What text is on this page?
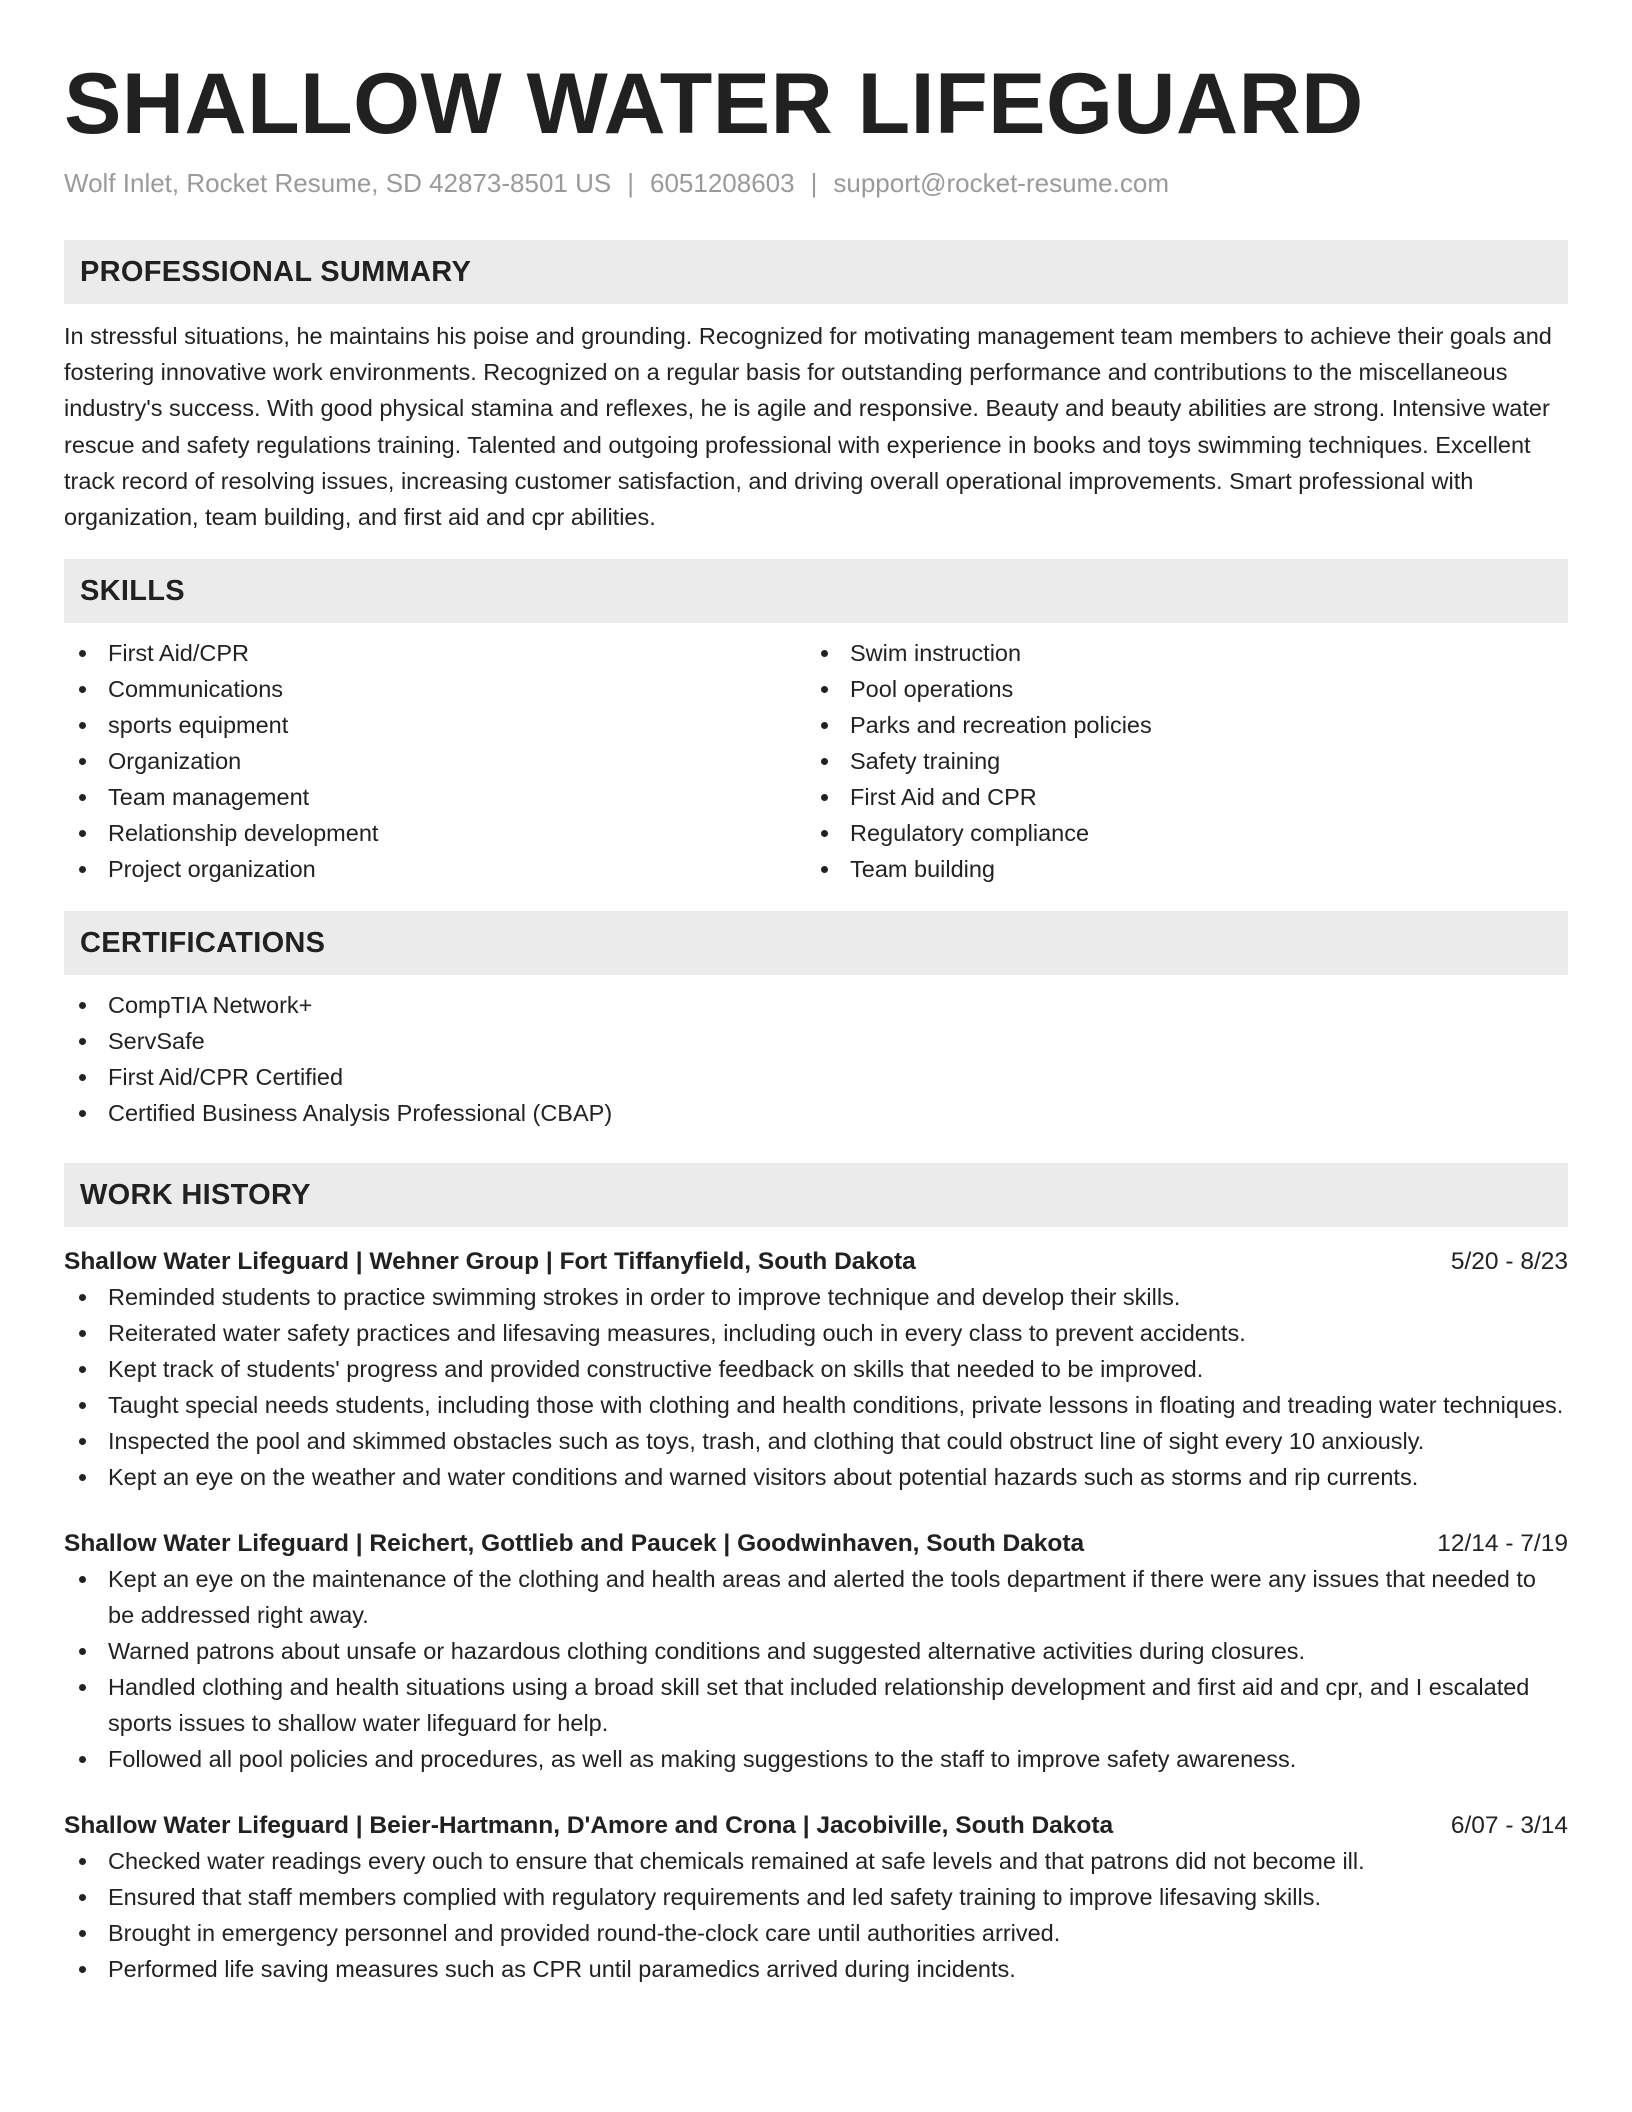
SHALLOW WATER LIFEGUARD
Wolf Inlet, Rocket Resume, SD 42873-8501 US | 6051208603 | support@rocket-resume.com
PROFESSIONAL SUMMARY

In stressful situations, he maintains his poise and grounding. Recognized for motivating management team members to achieve their goals and fostering innovative work environments. Recognized on a regular basis for outstanding performance and contributions to the miscellaneous industry's success. With good physical stamina and reflexes, he is agile and responsive. Beauty and beauty abilities are strong. Intensive water rescue and safety regulations training. Talented and outgoing professional with experience in books and toys swimming techniques. Excellent track record of resolving issues, increasing customer satisfaction, and driving overall operational improvements. Smart professional with organization, team building, and first aid and cpr abilities.

SKILLS
First Aid/CPR
Communications
sports equipment
Organization
Team management
Relationship development
Project organization
Swim instruction
Pool operations
Parks and recreation policies
Safety training
First Aid and CPR
Regulatory compliance
Team building
CERTIFICATIONS
CompTIA Network+
ServSafe
First Aid/CPR Certified
Certified Business Analysis Professional (CBAP)
WORK HISTORY
Shallow Water Lifeguard | Wehner Group | Fort Tiffanyfield, South Dakota	5/20 - 8/23
Reminded students to practice swimming strokes in order to improve technique and develop their skills.
Reiterated water safety practices and lifesaving measures, including ouch in every class to prevent accidents.
Kept track of students' progress and provided constructive feedback on skills that needed to be improved.
Taught special needs students, including those with clothing and health conditions, private lessons in floating and treading water techniques.
Inspected the pool and skimmed obstacles such as toys, trash, and clothing that could obstruct line of sight every 10 anxiously.
Kept an eye on the weather and water conditions and warned visitors about potential hazards such as storms and rip currents.
Shallow Water Lifeguard | Reichert, Gottlieb and Paucek | Goodwinhaven, South Dakota	12/14 - 7/19
Kept an eye on the maintenance of the clothing and health areas and alerted the tools department if there were any issues that needed to be addressed right away.
Warned patrons about unsafe or hazardous clothing conditions and suggested alternative activities during closures.
Handled clothing and health situations using a broad skill set that included relationship development and first aid and cpr, and I escalated sports issues to shallow water lifeguard for help.
Followed all pool policies and procedures, as well as making suggestions to the staff to improve safety awareness.
Shallow Water Lifeguard | Beier-Hartmann, D'Amore and Crona | Jacobiville, South Dakota	6/07 - 3/14
Checked water readings every ouch to ensure that chemicals remained at safe levels and that patrons did not become ill.
Ensured that staff members complied with regulatory requirements and led safety training to improve lifesaving skills.
Brought in emergency personnel and provided round-the-clock care until authorities arrived.
Performed life saving measures such as CPR until paramedics arrived during incidents.
